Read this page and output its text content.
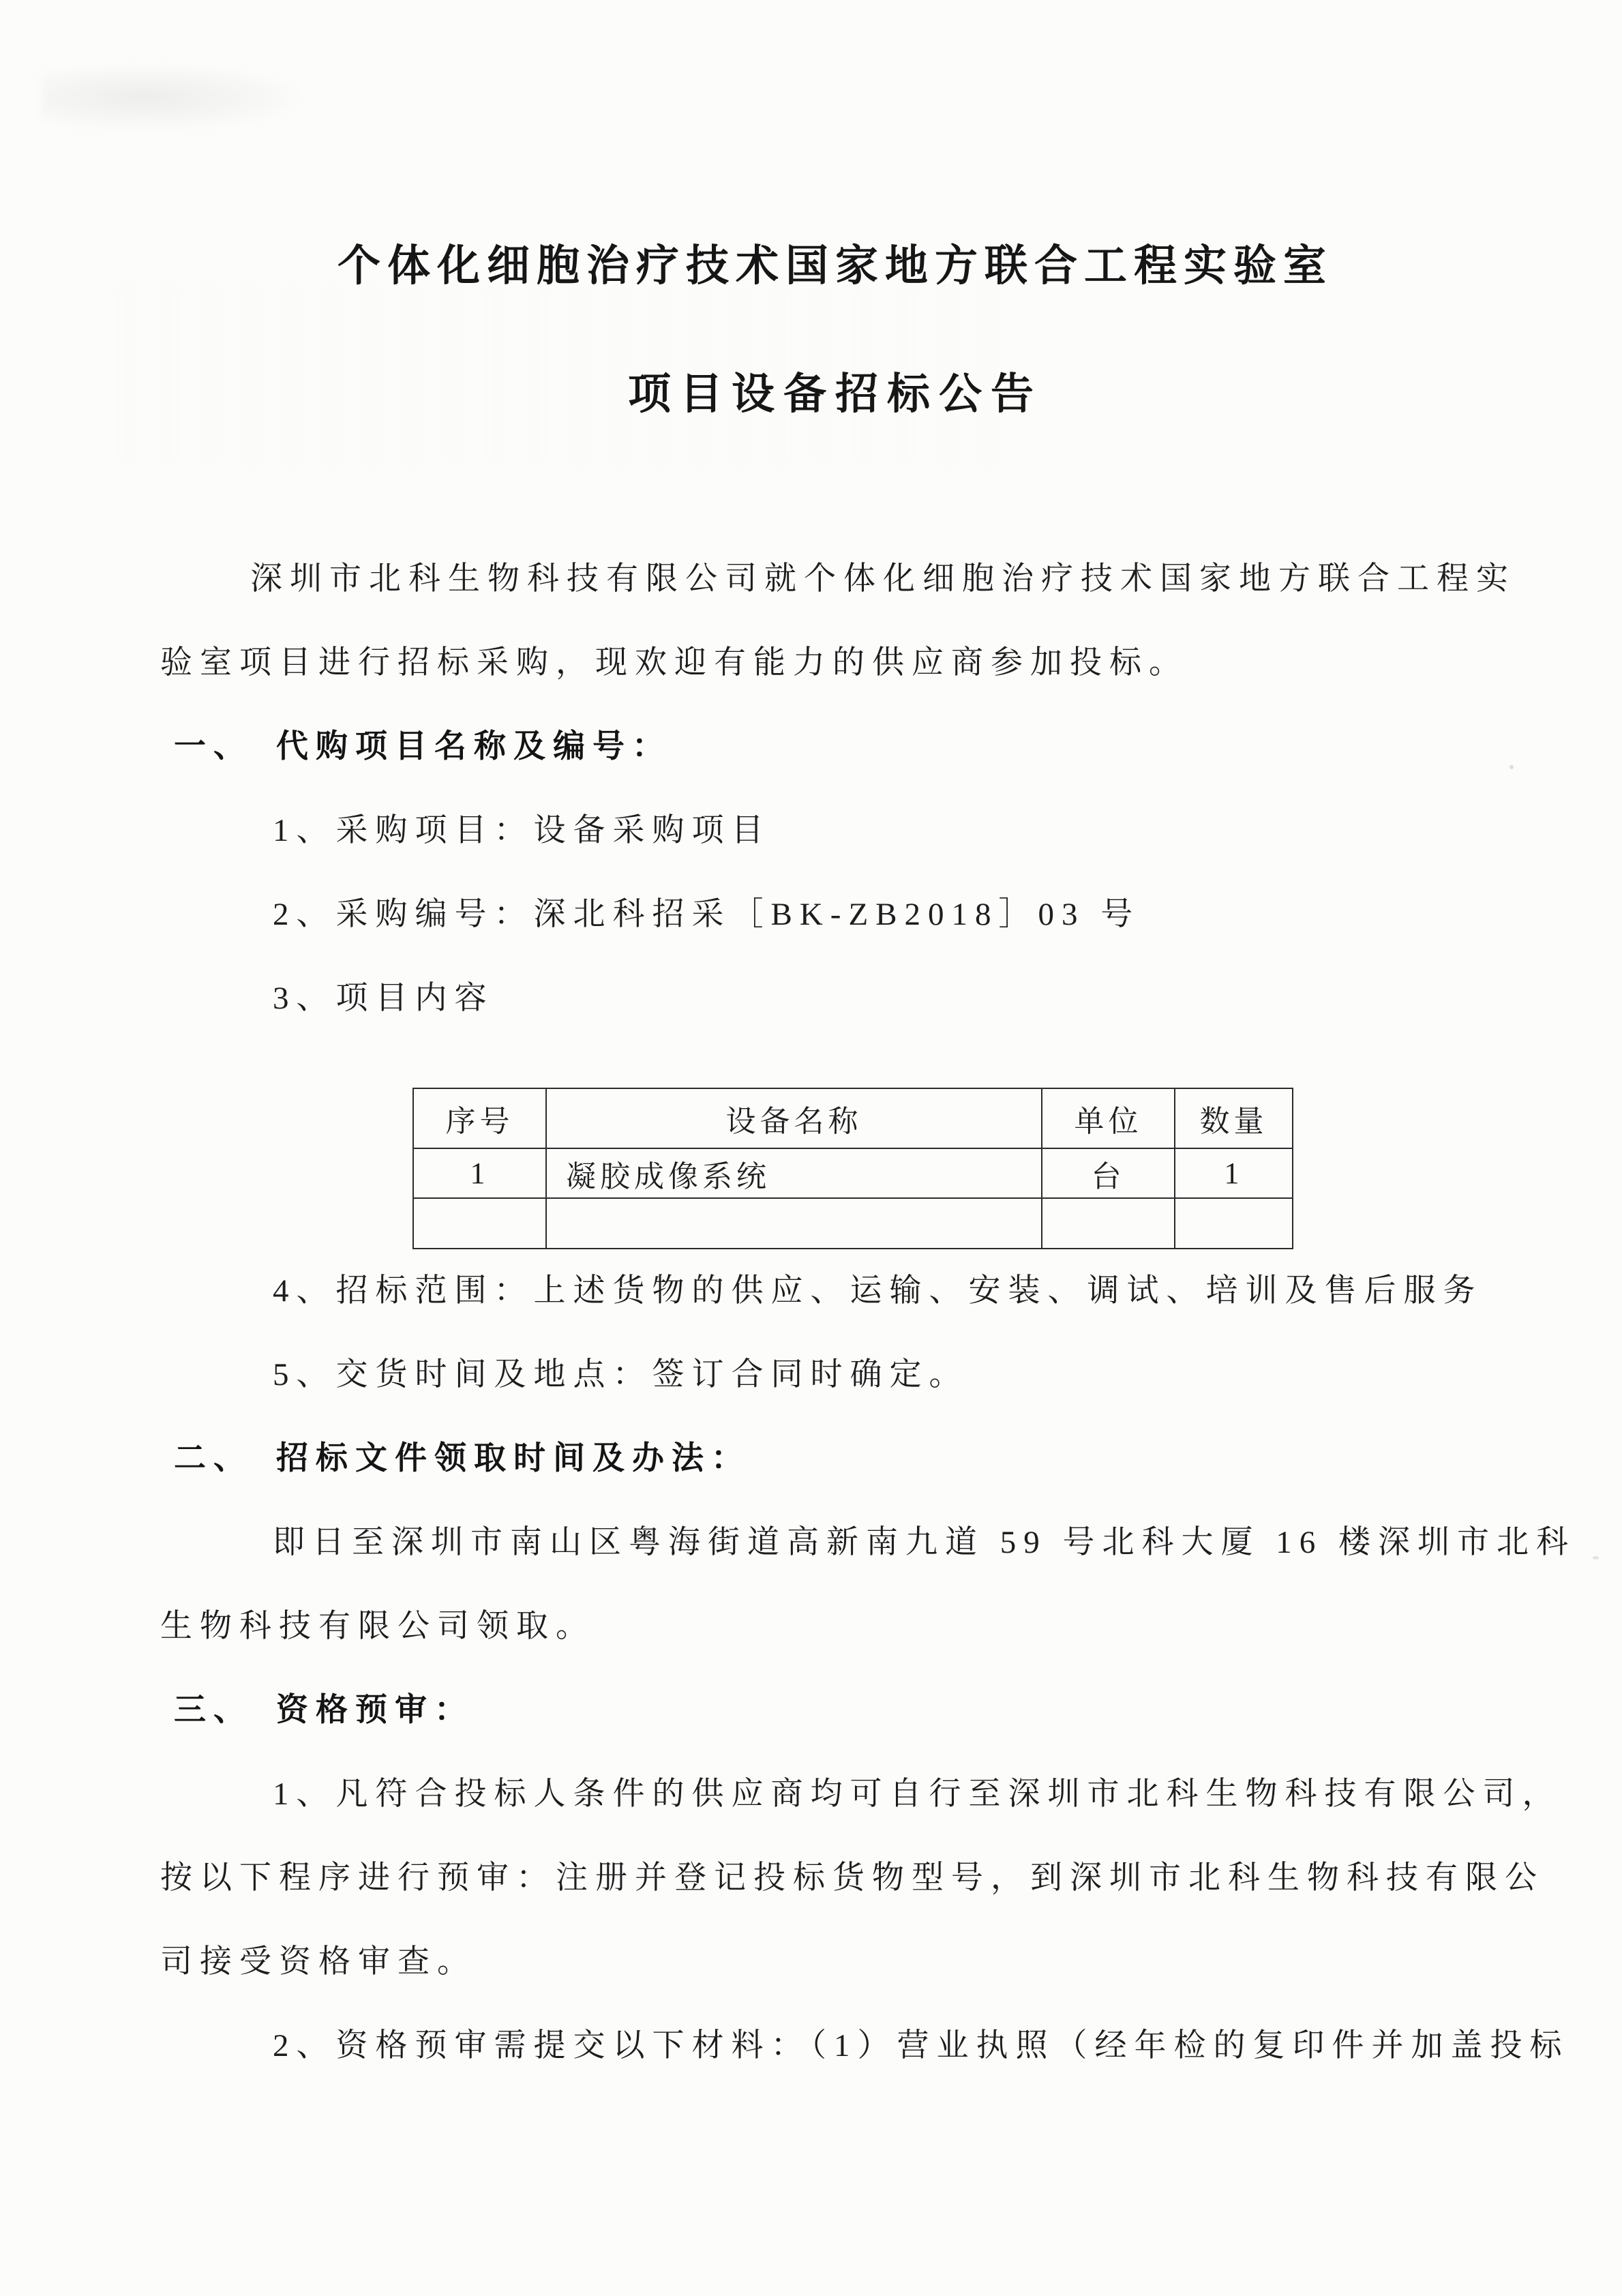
个体化细胞治疗技术国家地方联合工程实验室
项目设备招标公告
深圳市北科生物科技有限公司就个体化细胞治疗技术国家地方联合工程实
验室项目进行招标采购，现欢迎有能力的供应商参加投标。
一、 代购项目名称及编号：
1、采购项目：设备采购项目
2、采购编号：深北科招采［BK-ZB2018］03 号
3、项目内容
序号	设备名称	单位	数量
1	凝胶成像系统	台	1

4、招标范围：上述货物的供应、运输、安装、调试、培训及售后服务
5、交货时间及地点：签订合同时确定。
二、 招标文件领取时间及办法：
即日至深圳市南山区粤海街道高新南九道 59 号北科大厦 16 楼深圳市北科
生物科技有限公司领取。
三、 资格预审：
1、凡符合投标人条件的供应商均可自行至深圳市北科生物科技有限公司，
按以下程序进行预审：注册并登记投标货物型号，到深圳市北科生物科技有限公
司接受资格审查。
2、资格预审需提交以下材料：（1）营业执照（经年检的复印件并加盖投标
